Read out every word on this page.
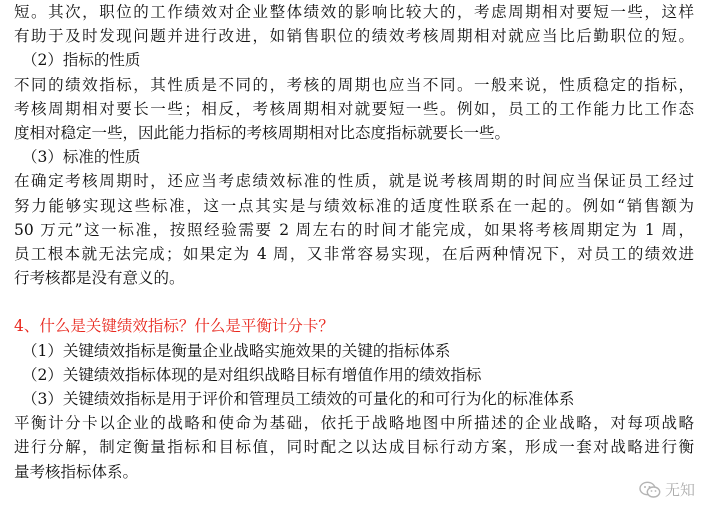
短。其次，职位的工作绩效对企业整体绩效的影响比较大的，考虑周期相对要短一些，这样
有助于及时发现问题并进行改进，如销售职位的绩效考核周期相对就应当比后勤职位的短。
（2）指标的性质
不同的绩效指标，其性质是不同的，考核的周期也应当不同。一般来说，性质稳定的指标，
考核周期相对要长一些；相反，考核周期相对就要短一些。例如，员工的工作能力比工作态
度相对稳定一些，因此能力指标的考核周期相对比态度指标就要长一些。
（3）标准的性质
在确定考核周期时，还应当考虑绩效标准的性质，就是说考核周期的时间应当保证员工经过
努力能够实现这些标准，这一点其实是与绩效标准的适度性联系在一起的。例如“销售额为
50 万元”这一标准，按照经验需要 2 周左右的时间才能完成，如果将考核周期定为 1 周，
员工根本就无法完成；如果定为 4 周，又非常容易实现，在后两种情况下，对员工的绩效进
行考核都是没有意义的。
4、什么是关键绩效指标？什么是平衡计分卡？
（1）关键绩效指标是衡量企业战略实施效果的关键的指标体系
（2）关键绩效指标体现的是对组织战略目标有增值作用的绩效指标
（3）关键绩效指标是用于评价和管理员工绩效的可量化的和可行为化的标准体系
平衡计分卡以企业的战略和使命为基础，依托于战略地图中所描述的企业战略，对每项战略
进行分解，制定衡量指标和目标值，同时配之以达成目标行动方案，形成一套对战略进行衡
量考核指标体系。
无知
